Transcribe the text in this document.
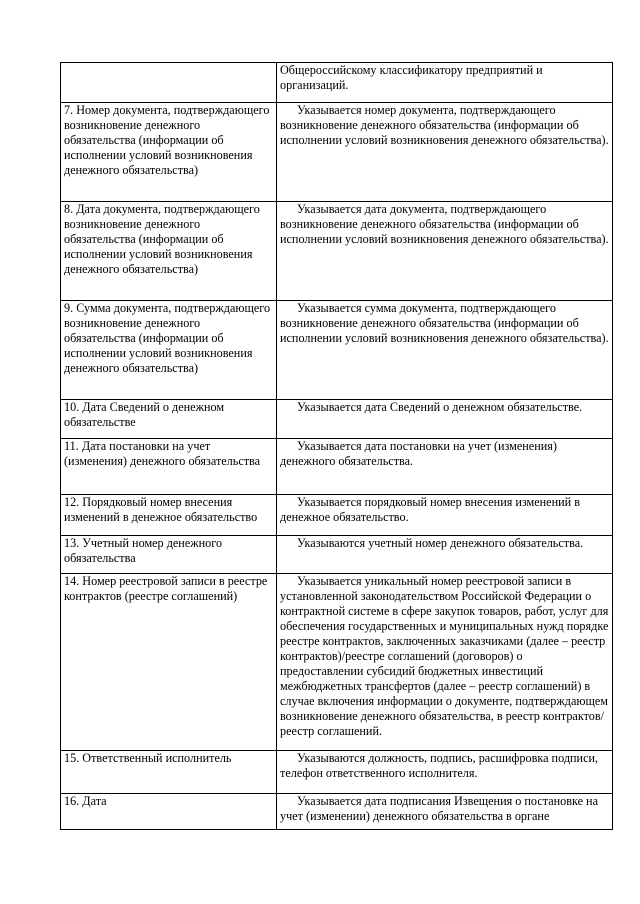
	Общероссийскому классификатору предприятий и организаций.
7. Номер документа, подтверждающего возникновение денежного обязательства (информации об исполнении условий возникновения денежного обязательства)	Указывается номер документа, подтверждающего возникновение денежного обязательства (информации об исполнении условий возникновения денежного обязательства).
8. Дата документа, подтверждающего возникновение денежного обязательства (информации об исполнении условий возникновения денежного обязательства)	Указывается дата документа, подтверждающего возникновение денежного обязательства (информации об исполнении условий возникновения денежного обязательства).
9. Сумма документа, подтверждающего возникновение денежного обязательства (информации об исполнении условий возникновения денежного обязательства)	Указывается сумма документа, подтверждающего возникновение денежного обязательства (информации об исполнении условий возникновения денежного обязательства).
10. Дата Сведений о денежном обязательстве	Указывается дата Сведений о денежном обязательстве.
11. Дата постановки на учет (изменения) денежного обязательства	Указывается дата постановки на учет (изменения) денежного обязательства.
12. Порядковый номер внесения изменений в денежное обязательство	Указывается порядковый номер внесения изменений в денежное обязательство.
13. Учетный номер денежного обязательства	Указываются учетный номер денежного обязательства.
14. Номер реестровой записи в реестре контрактов (реестре соглашений)	Указывается уникальный номер реестровой записи в установленной законодательством Российской Федерации о контрактной системе в сфере закупок товаров, работ, услуг для обеспечения государственных и муниципальных нужд порядке реестре контрактов, заключенных заказчиками (далее – реестр контрактов)/реестре соглашений (договоров) о предоставлении субсидий бюджетных инвестиций межбюджетных трансфертов (далее – реестр соглашений) в случае включения информации о документе, подтверждающем возникновение денежного обязательства, в реестр контрактов/реестр соглашений.
15. Ответственный исполнитель	Указываются должность, подпись, расшифровка подписи, телефон ответственного исполнителя.
16. Дата	Указывается дата подписания Извещения о постановке на учет (изменении) денежного обязательства в органе
